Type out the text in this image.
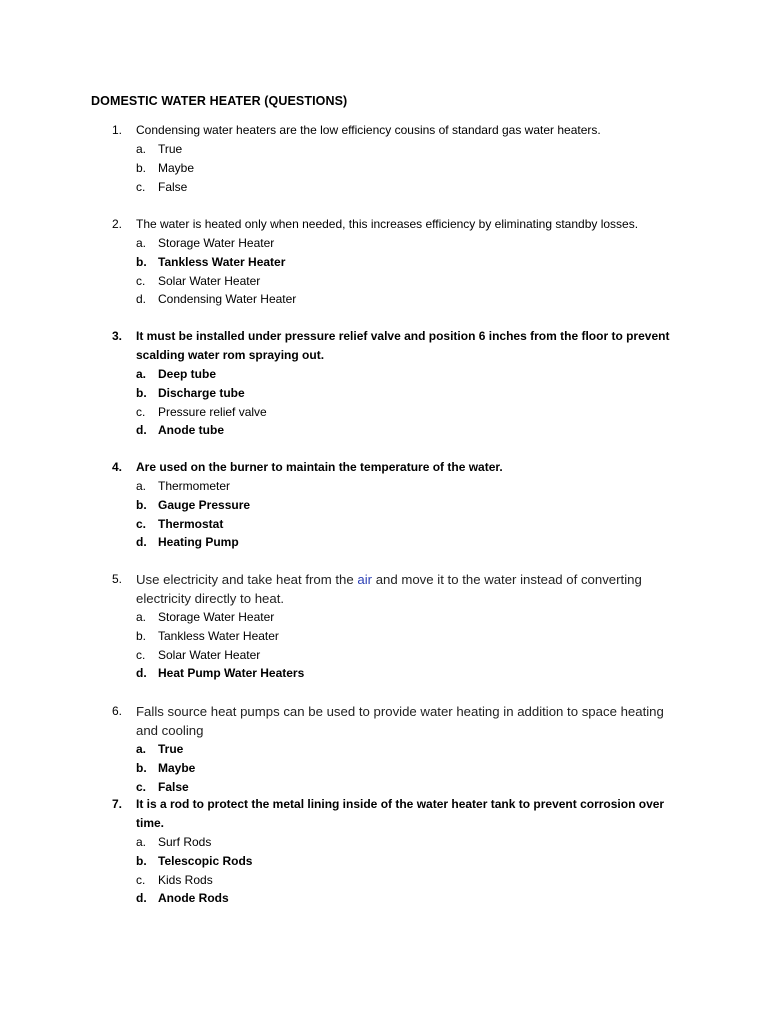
DOMESTIC WATER HEATER (QUESTIONS)
1.	Condensing water heaters are the low efficiency cousins of standard gas water heaters.
a. True
b. Maybe
c.	False
2.	The water is heated only when needed, this increases efficiency by eliminating standby losses.
a. Storage Water Heater
b. Tankless Water Heater
c.	Solar Water Heater
d. Condensing Water Heater
3.	It must be installed under pressure relief valve and position 6 inches from the floor to prevent scalding water rom spraying out.
a. Deep tube
b. Discharge tube
c.	Pressure relief valve
d. Anode tube
4.	Are used on the burner to maintain the temperature of the water.
a. Thermometer
b. Gauge Pressure
c. Thermostat
d. Heating Pump
5.	Use electricity and take heat from the air and move it to the water instead of converting electricity directly to heat.
a. Storage Water Heater
b. Tankless Water Heater
c.	Solar Water Heater
d. Heat Pump Water Heaters
6.	Falls source heat pumps can be used to provide water heating in addition to space heating and cooling
a. True
b. Maybe
c. False
7.	It is a rod to protect the metal lining inside of the water heater tank to prevent corrosion over time.
a. Surf Rods
b. Telescopic Rods
c.	Kids Rods
d. Anode Rods
